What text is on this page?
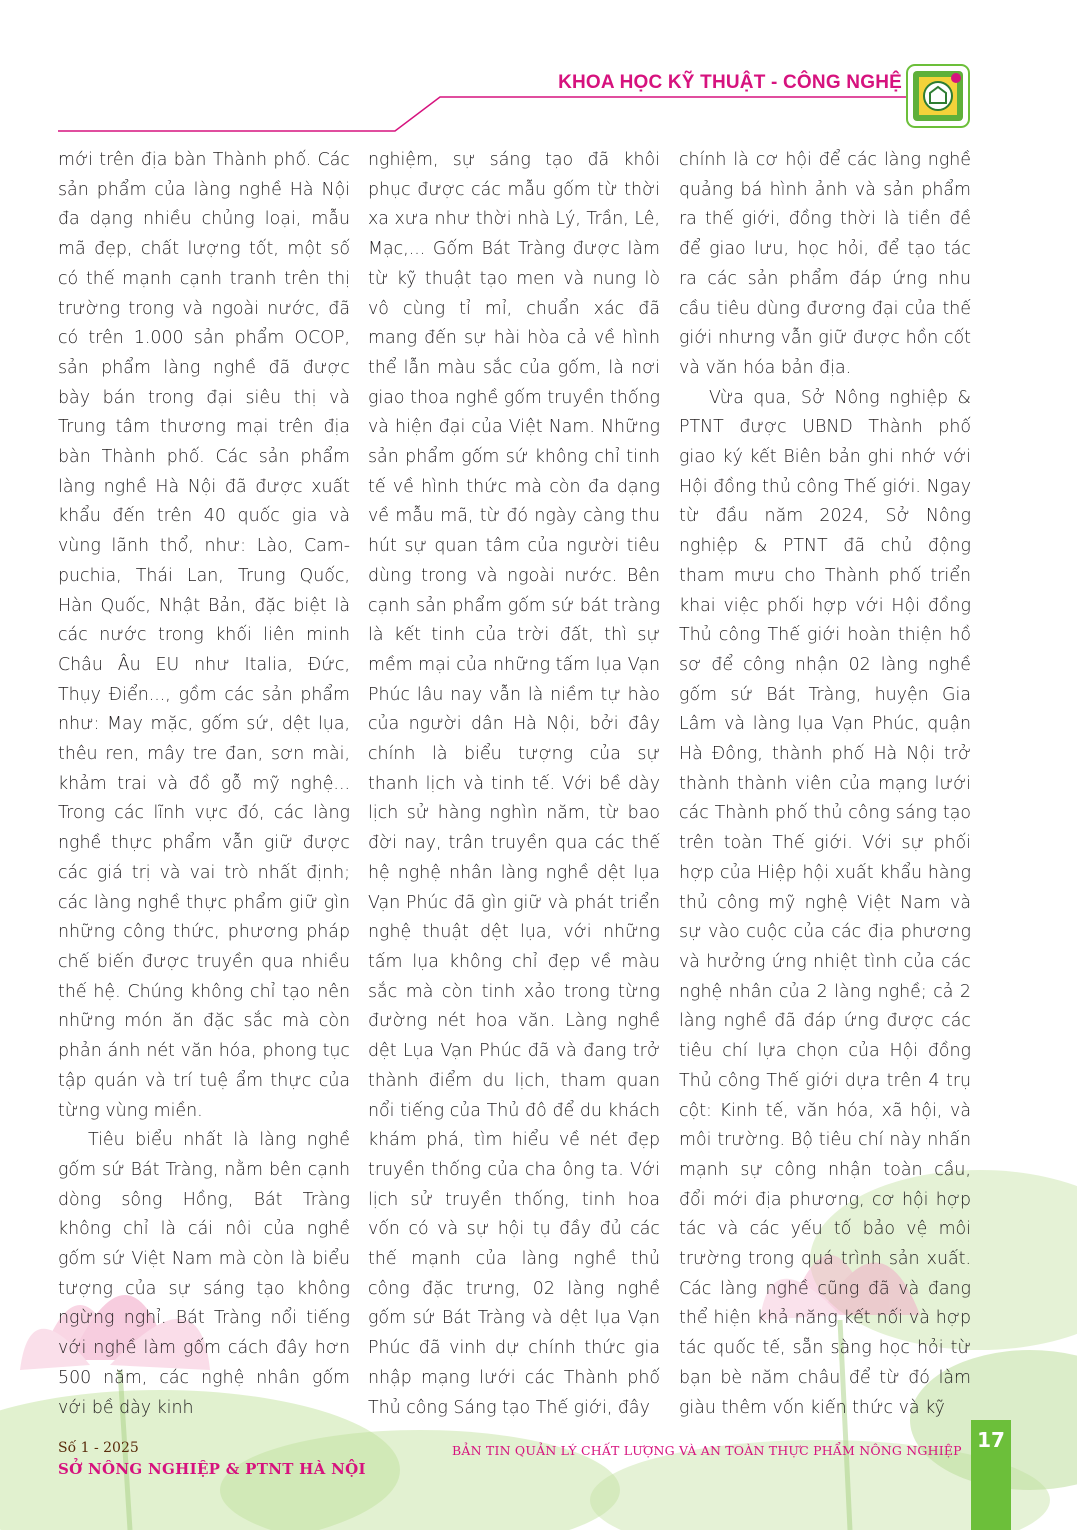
KHOA HỌC KỸ THUẬT - CÔNG NGHỆ

mới trên địa bàn Thành phố. Các sản phẩm của làng nghề Hà Nội đa dạng nhiều chủng loại, mẫu mã đẹp, chất lượng tốt, một số có thế mạnh cạnh tranh trên thị trường trong và ngoài nước, đã có trên 1.000 sản phẩm OCOP, sản phẩm làng nghề đã được bày bán trong đại siêu thị và Trung tâm thương mại trên địa bàn Thành phố. Các sản phẩm làng nghề Hà Nội đã được xuất khẩu đến trên 40 quốc gia và vùng lãnh thổ, như: Lào, Cam-puchia, Thái Lan, Trung Quốc, Hàn Quốc, Nhật Bản, đặc biệt là các nước trong khối liên minh Châu Âu EU như Italia, Đức, Thụy Điển..., gồm các sản phẩm như: May mặc, gốm sứ, dệt lụa, thêu ren, mây tre đan, sơn mài, khảm trai và đồ gỗ mỹ nghệ... Trong các lĩnh vực đó, các làng nghề thực phẩm vẫn giữ được các giá trị và vai trò nhất định; các làng nghề thực phẩm giữ gìn những công thức, phương pháp chế biến được truyền qua nhiều thế hệ. Chúng không chỉ tạo nên những món ăn đặc sắc mà còn phản ánh nét văn hóa, phong tục tập quán và trí tuệ ẩm thực của từng vùng miền.

Tiêu biểu nhất là làng nghề gốm sứ Bát Tràng, nằm bên cạnh dòng sông Hồng, Bát Tràng không chỉ là cái nôi của nghề gốm sứ Việt Nam mà còn là biểu tượng của sự sáng tạo không ngừng nghỉ. Bát Tràng nổi tiếng với nghề làm gốm cách đây hơn 500 năm, các nghệ nhân gốm với bề dày kinh

nghiệm, sự sáng tạo đã khôi phục được các mẫu gốm từ thời xa xưa như thời nhà Lý, Trần, Lê, Mạc,... Gốm Bát Tràng được làm từ kỹ thuật tạo men và nung lò vô cùng tỉ mỉ, chuẩn xác đã mang đến sự hài hòa cả về hình thể lẫn màu sắc của gốm, là nơi giao thoa nghề gốm truyền thống và hiện đại của Việt Nam. Những sản phẩm gốm sứ không chỉ tinh tế về hình thức mà còn đa dạng về mẫu mã, từ đó ngày càng thu hút sự quan tâm của người tiêu dùng trong và ngoài nước. Bên cạnh sản phẩm gốm sứ bát tràng là kết tinh của trời đất, thì sự mềm mại của những tấm lụa Vạn Phúc lâu nay vẫn là niềm tự hào của người dân Hà Nội, bởi đây chính là biểu tượng của sự thanh lịch và tinh tế. Với bề dày lịch sử hàng nghìn năm, từ bao đời nay, trân truyền qua các thế hệ nghệ nhân làng nghề dệt lụa Vạn Phúc đã gìn giữ và phát triển nghệ thuật dệt lụa, với những tấm lụa không chỉ đẹp về màu sắc mà còn tinh xảo trong từng đường nét hoa văn. Làng nghề dệt Lụa Vạn Phúc đã và đang trở thành điểm du lịch, tham quan nổi tiếng của Thủ đô để du khách khám phá, tìm hiểu về nét đẹp truyền thống của cha ông ta. Với lịch sử truyền thống, tinh hoa vốn có và sự hội tụ đầy đủ các thế mạnh của làng nghề thủ công đặc trưng, 02 làng nghề gốm sứ Bát Tràng và dệt lụa Vạn Phúc đã vinh dự chính thức gia nhập mạng lưới các Thành phố Thủ công Sáng tạo Thế giới, đây

chính là cơ hội để các làng nghề quảng bá hình ảnh và sản phẩm ra thế giới, đồng thời là tiền đề để giao lưu, học hỏi, để tạo tác ra các sản phẩm đáp ứng nhu cầu tiêu dùng đương đại của thế giới nhưng vẫn giữ được hồn cốt và văn hóa bản địa.

Vừa qua, Sở Nông nghiệp & PTNT được UBND Thành phố giao ký kết Biên bản ghi nhớ với Hội đồng thủ công Thế giới. Ngay từ đầu năm 2024, Sở Nông nghiệp & PTNT đã chủ động tham mưu cho Thành phố triển khai việc phối hợp với Hội đồng Thủ công Thế giới hoàn thiện hồ sơ để công nhận 02 làng nghề gốm sứ Bát Tràng, huyện Gia Lâm và làng lụa Vạn Phúc, quận Hà Đông, thành phố Hà Nội trở thành thành viên của mạng lưới các Thành phố thủ công sáng tạo trên toàn Thế giới. Với sự phối hợp của Hiệp hội xuất khẩu hàng thủ công mỹ nghệ Việt Nam và sự vào cuộc của các địa phương và hưởng ứng nhiệt tình của các nghệ nhân của 2 làng nghề; cả 2 làng nghề đã đáp ứng được các tiêu chí lựa chọn của Hội đồng Thủ công Thế giới dựa trên 4 trụ cột: Kinh tế, văn hóa, xã hội, và môi trường. Bộ tiêu chí này nhấn mạnh sự công nhận toàn cầu, đổi mới địa phương, cơ hội hợp tác và các yếu tố bảo vệ môi trường trong quá trình sản xuất. Các làng nghề cũng đã và đang thể hiện khả năng kết nối và hợp tác quốc tế, sẵn sàng học hỏi từ bạn bè năm châu để từ đó làm giàu thêm vốn kiến thức và kỹ

Số 1 - 2025
SỞ NÔNG NGHIỆP & PTNT HÀ NỘI
BẢN TIN QUẢN LÝ CHẤT LƯỢNG VÀ AN TOÀN THỰC PHẨM NÔNG NGHIỆP 17
